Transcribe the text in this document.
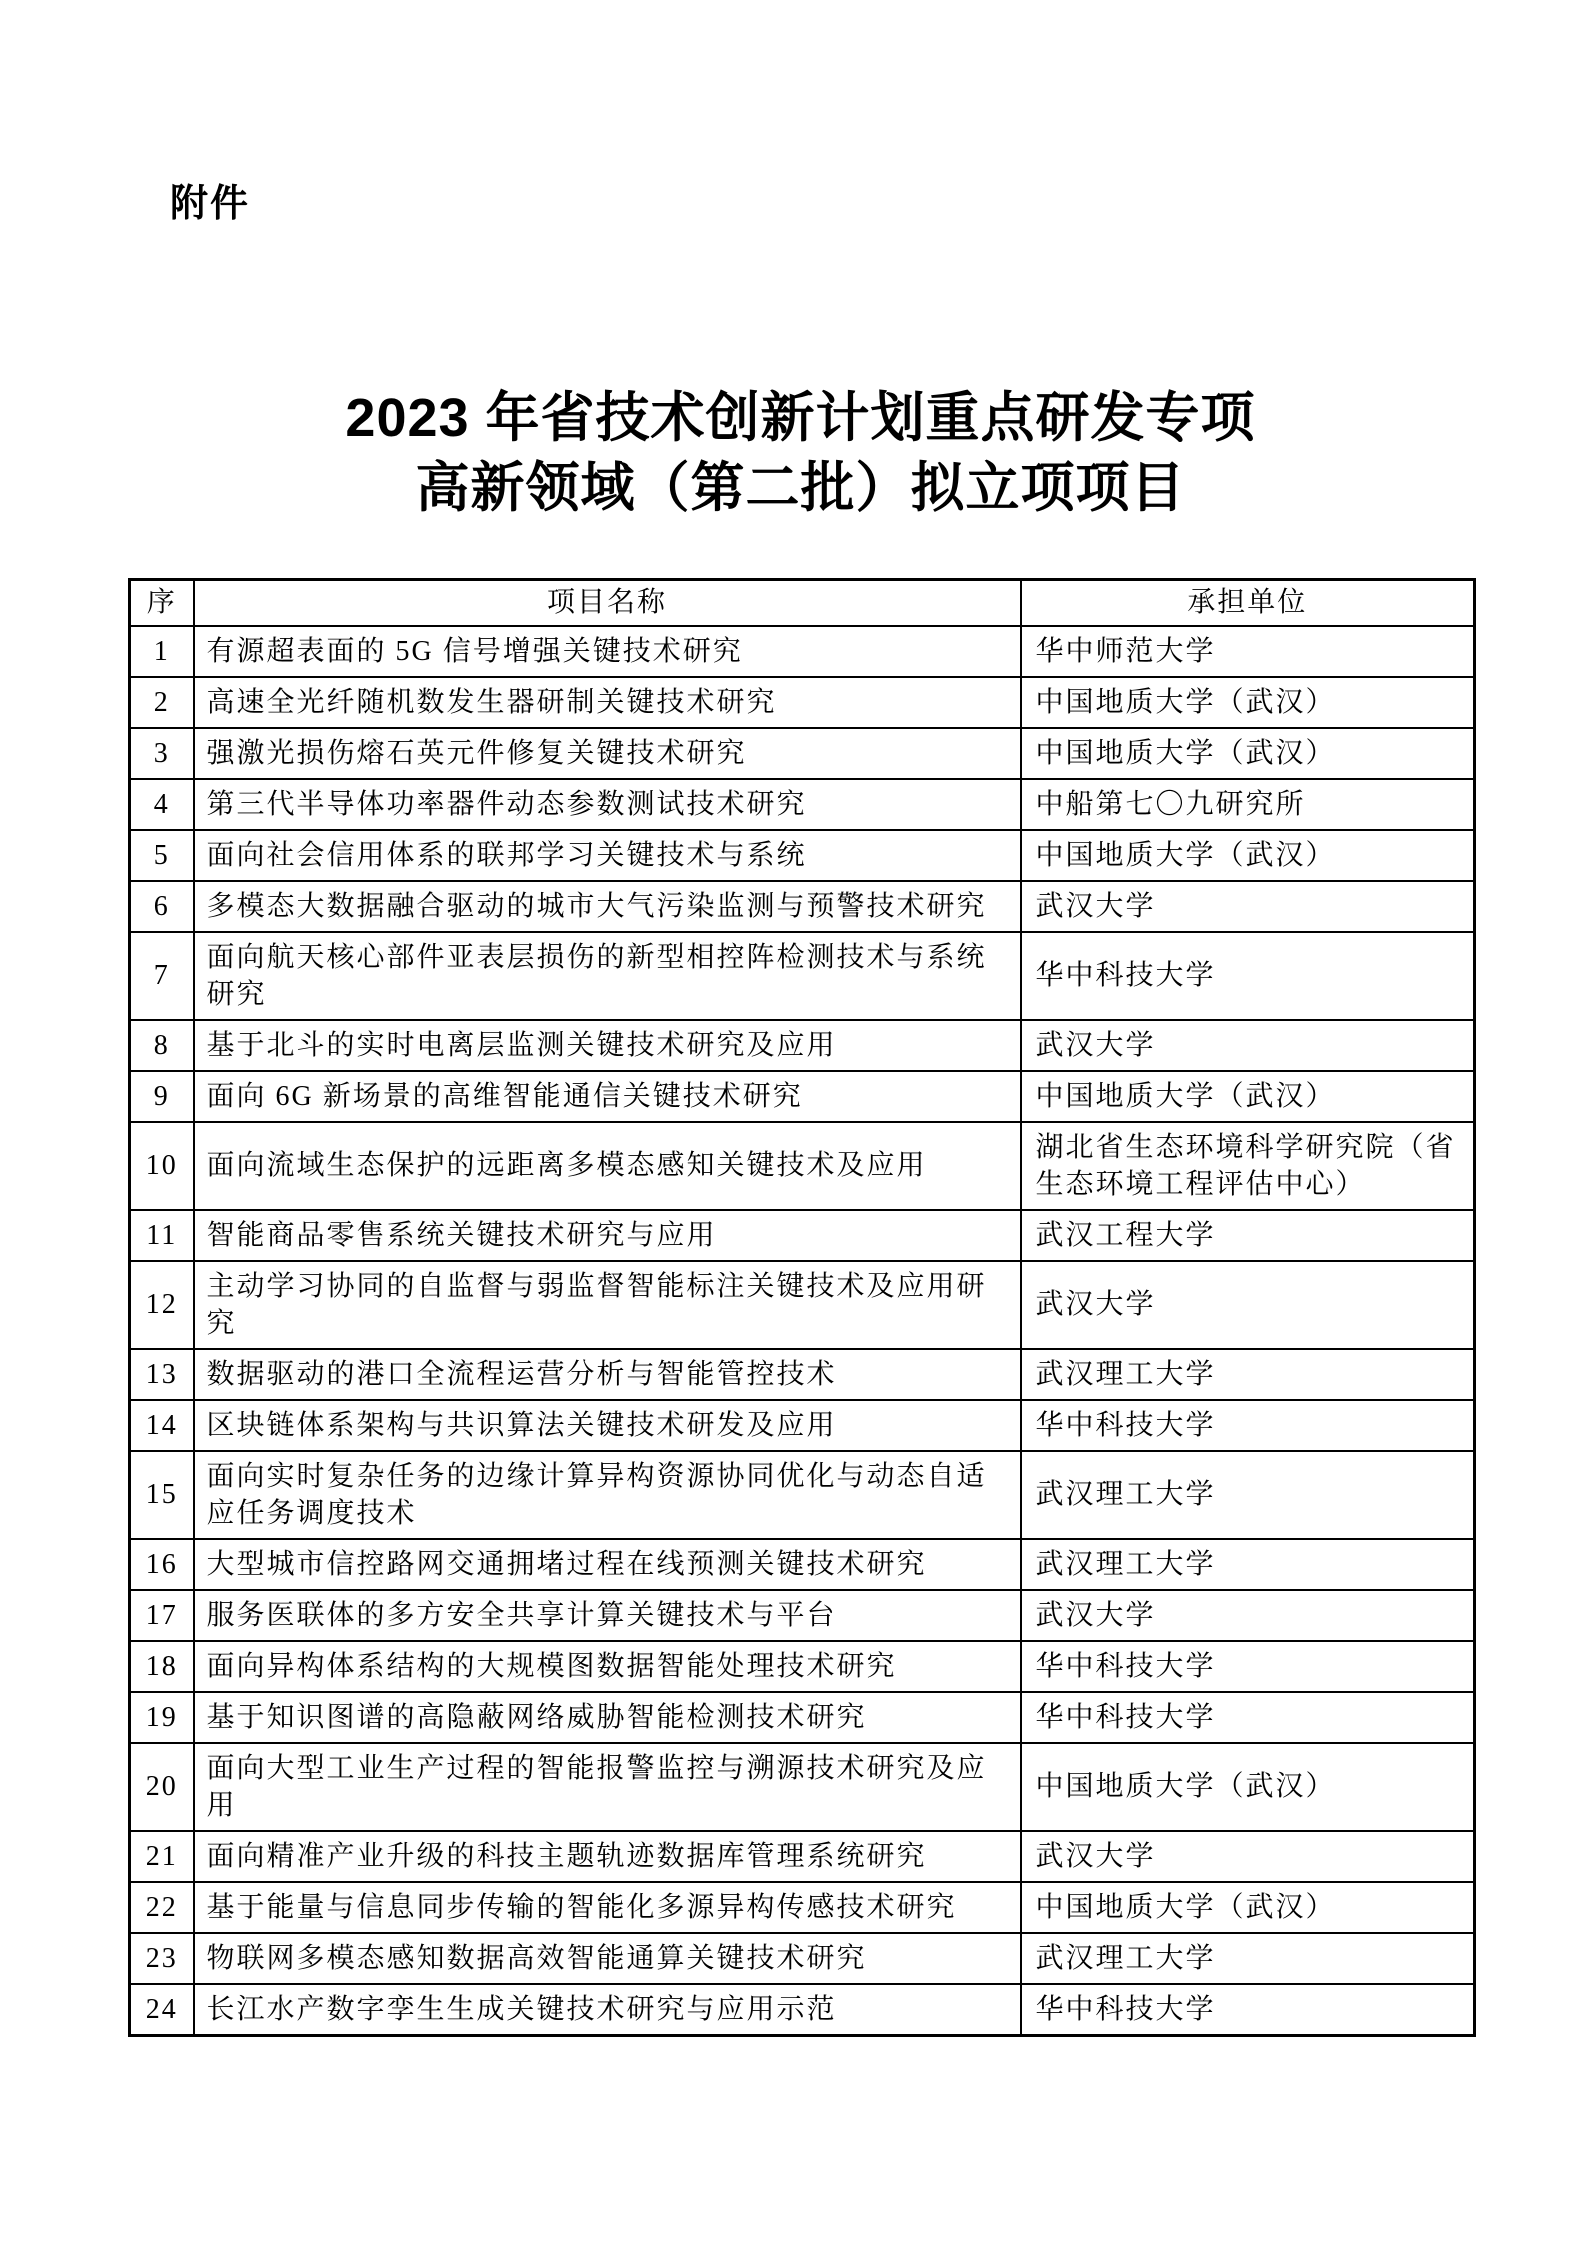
附件
2023 年省技术创新计划重点研发专项
高新领域（第二批）拟立项项目
序	项目名称	承担单位
1	有源超表面的 5G 信号增强关键技术研究	华中师范大学
2	高速全光纤随机数发生器研制关键技术研究	中国地质大学（武汉）
3	强激光损伤熔石英元件修复关键技术研究	中国地质大学（武汉）
4	第三代半导体功率器件动态参数测试技术研究	中船第七〇九研究所
5	面向社会信用体系的联邦学习关键技术与系统	中国地质大学（武汉）
6	多模态大数据融合驱动的城市大气污染监测与预警技术研究	武汉大学
7	面向航天核心部件亚表层损伤的新型相控阵检测技术与系统研究	华中科技大学
8	基于北斗的实时电离层监测关键技术研究及应用	武汉大学
9	面向 6G 新场景的高维智能通信关键技术研究	中国地质大学（武汉）
10	面向流域生态保护的远距离多模态感知关键技术及应用	湖北省生态环境科学研究院（省生态环境工程评估中心）
11	智能商品零售系统关键技术研究与应用	武汉工程大学
12	主动学习协同的自监督与弱监督智能标注关键技术及应用研究	武汉大学
13	数据驱动的港口全流程运营分析与智能管控技术	武汉理工大学
14	区块链体系架构与共识算法关键技术研发及应用	华中科技大学
15	面向实时复杂任务的边缘计算异构资源协同优化与动态自适应任务调度技术	武汉理工大学
16	大型城市信控路网交通拥堵过程在线预测关键技术研究	武汉理工大学
17	服务医联体的多方安全共享计算关键技术与平台	武汉大学
18	面向异构体系结构的大规模图数据智能处理技术研究	华中科技大学
19	基于知识图谱的高隐蔽网络威胁智能检测技术研究	华中科技大学
20	面向大型工业生产过程的智能报警监控与溯源技术研究及应用	中国地质大学（武汉）
21	面向精准产业升级的科技主题轨迹数据库管理系统研究	武汉大学
22	基于能量与信息同步传输的智能化多源异构传感技术研究	中国地质大学（武汉）
23	物联网多模态感知数据高效智能通算关键技术研究	武汉理工大学
24	长江水产数字孪生生成关键技术研究与应用示范	华中科技大学
